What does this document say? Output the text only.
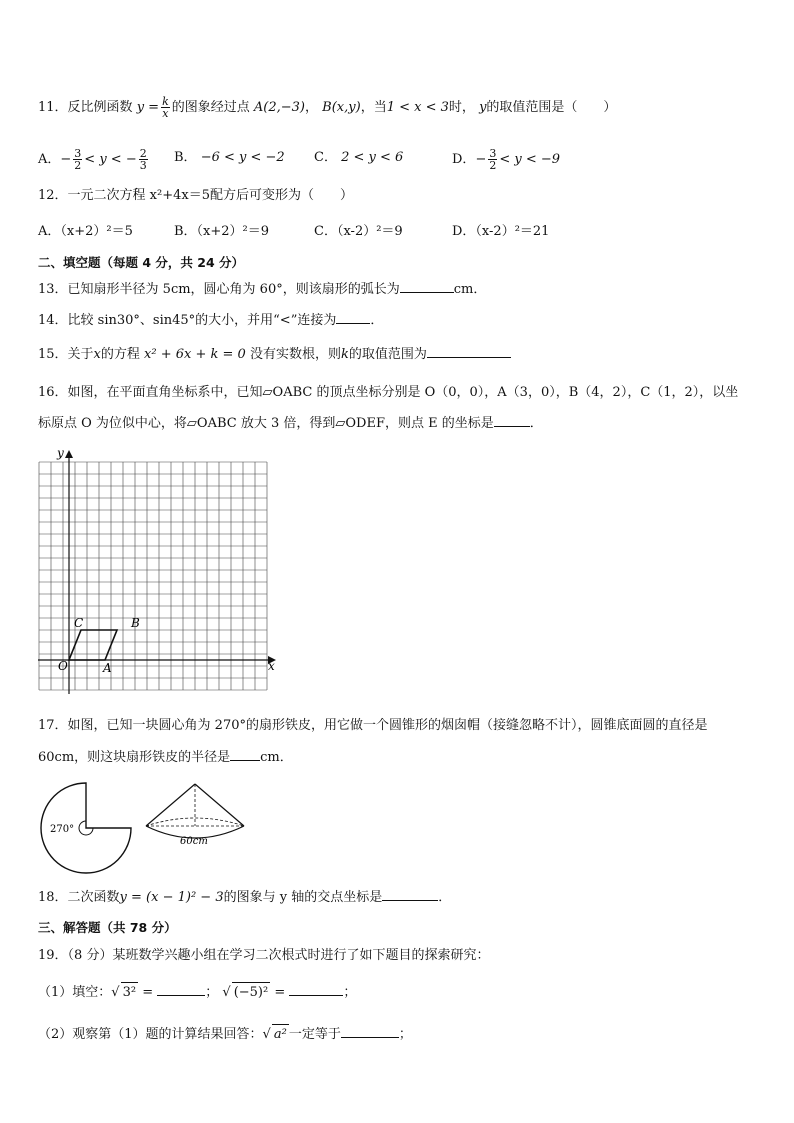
11．反比例函数 $y = \frac{k}{x}$ 的图象经过点 A(2,−3)， B(x,y)，当1 < x < 3时， y的取值范围是（　　）
A．− $\frac{3}{2} < y$ < − $\frac{2}{3}$ B． −6 < y < −2 C． 2 < y < 6	D．− $\frac{3}{2} < y < -9$
12．一元二次方程 x²+4x＝5配方后可变形为（　　）
A．（x+2）²＝5	B．（x+2）²＝9	C．（x-2）²＝9	D．（x-2）²＝21
二、填空题（每题 4 分，共 24 分）
13．已知扇形半径为 5cm，圆心角为 60°，则该扇形的弧长为	cm．
14．比较 sin30°、sin45°的大小，并用“<”连接为	．
15．关于x的方程 x² + 6x + k = 0 没有实数根，则k的取值范围为
16．如图，在平面直角坐标系中，已知▱OABC 的顶点坐标分别是 O（0，0），A（3，0），B（4，2），C（1，2），以坐
标原点 O 为位似中心，将▱OABC 放大 3 倍，得到▱ODEF，则点 E 的坐标是	．
y
x
O	A
B
C
17．如图，已知一块圆心角为 270°的扇形铁皮，用它做一个圆锥形的烟囱帽（接缝忽略不计），圆锥底面圆的直径是
60cm，则这块扇形铁皮的半径是 cm．
270°
60cm
18．二次函数y = (x − 1)² − 3的图象与 y 轴的交点坐标是	．
三、解答题（共 78 分）
19．（8 分）某班数学兴趣小组在学习二次根式时进行了如下题目的探索研究：
（1）填空：√ 3² =	； √ (−5)² =	；
（2）观察第（1）题的计算结果回答：√ a² 一定等于	；
